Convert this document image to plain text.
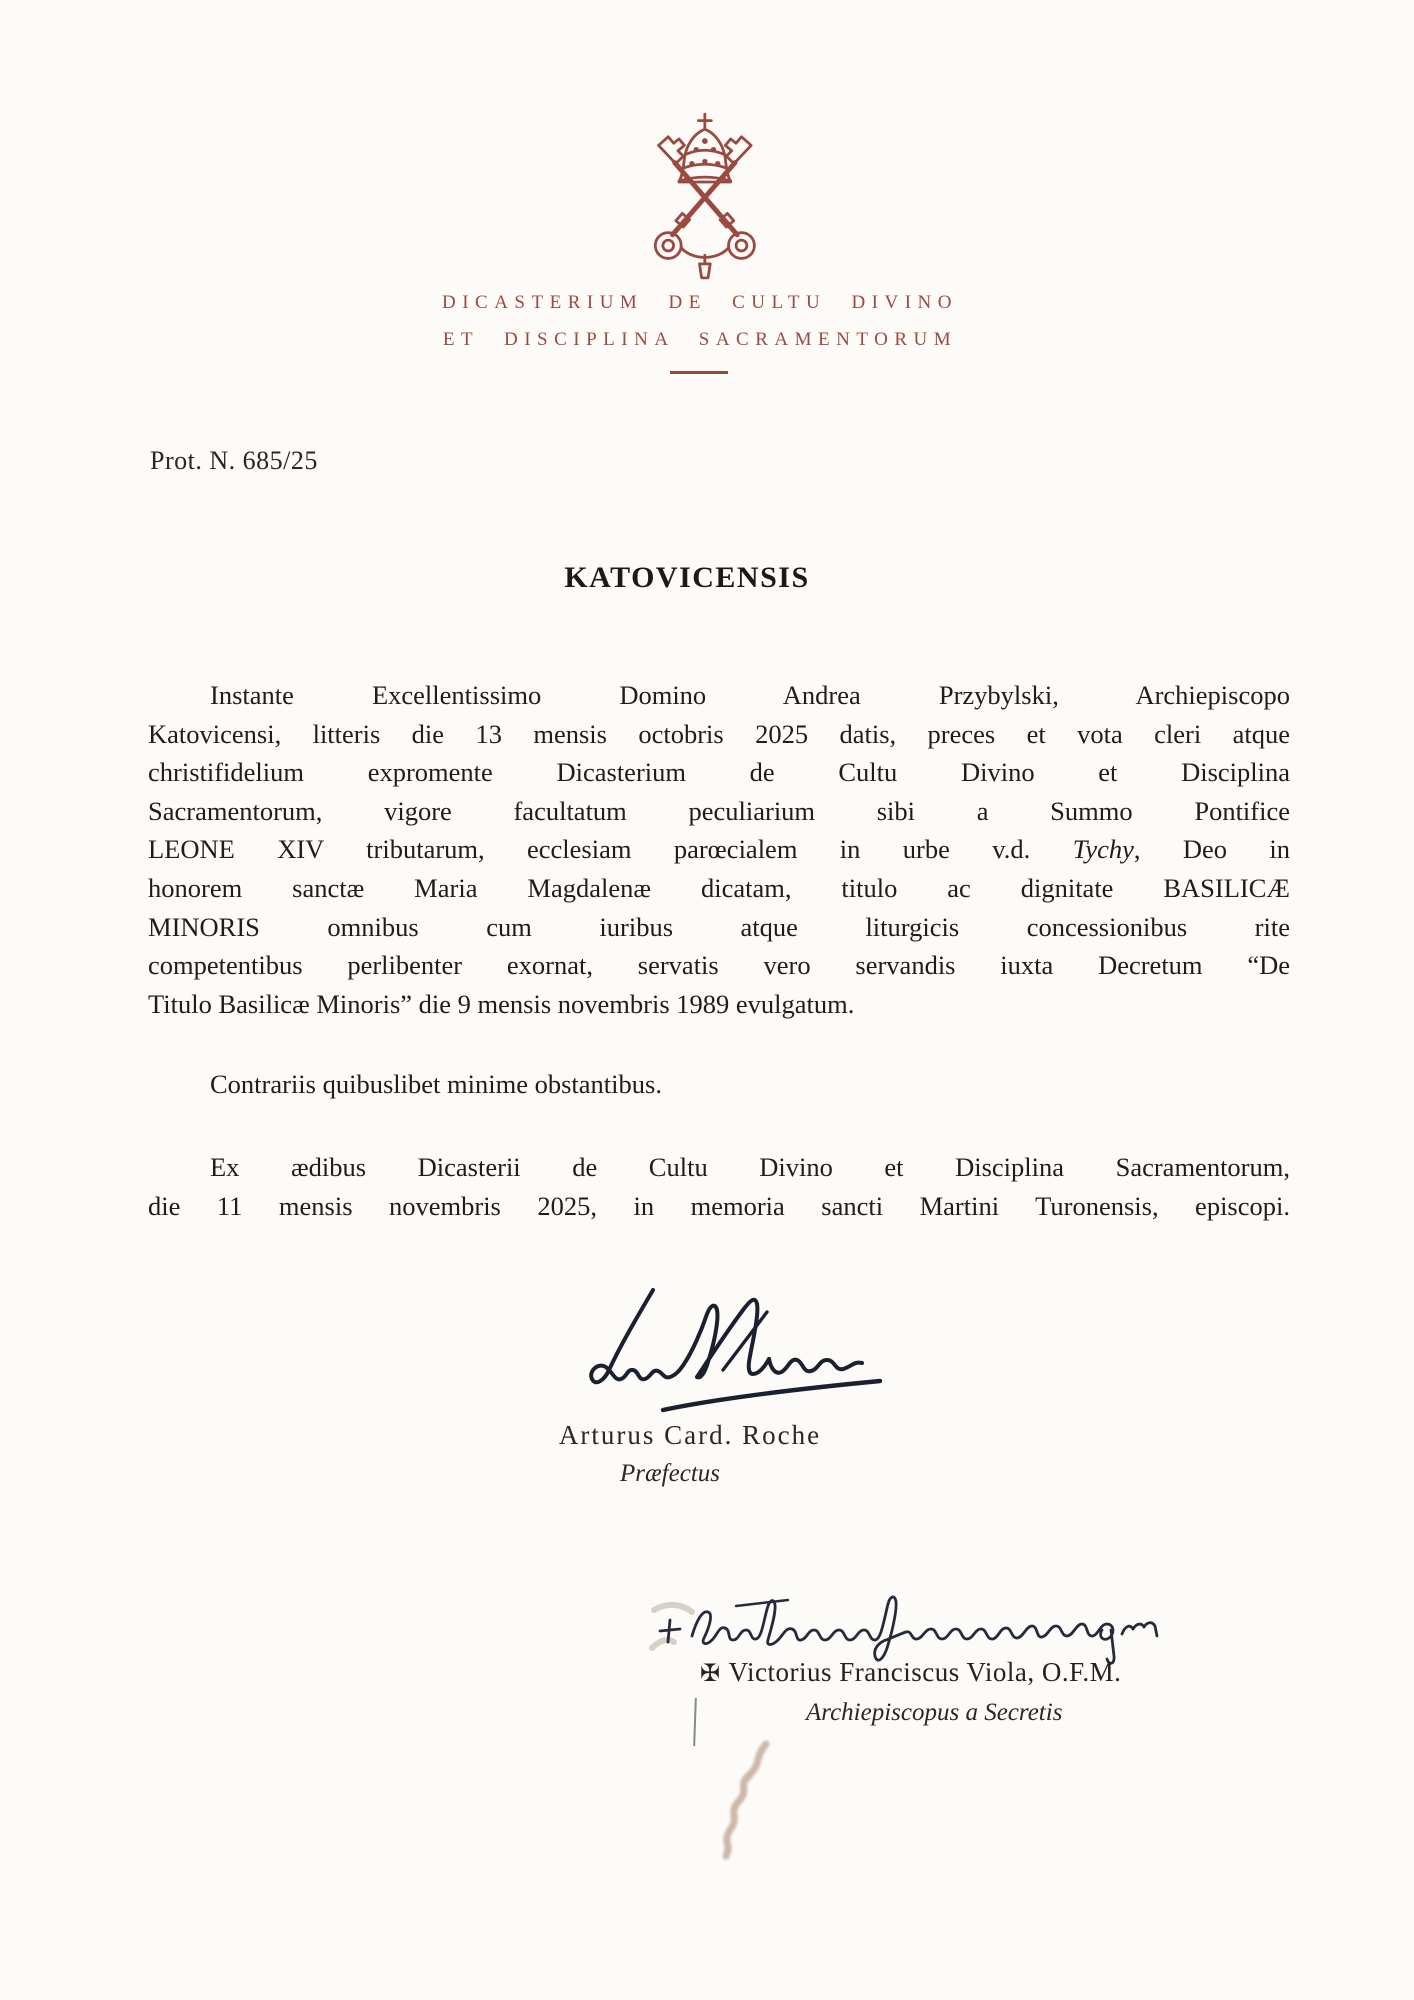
DICASTERIUM DE CULTU DIVINO
ET DISCIPLINA SACRAMENTORUM
Prot. N. 685/25
KATOVICENSIS
Instante Excellentissimo Domino Andrea Przybylski, Archiepiscopo
Katovicensi, litteris die 13 mensis octobris 2025 datis, preces et vota cleri atque
christifidelium expromente Dicasterium de Cultu Divino et Disciplina
Sacramentorum, vigore facultatum peculiarium sibi a Summo Pontifice
LEONE XIV tributarum, ecclesiam parœcialem in urbe v.d. Tychy, Deo in
honorem sanctæ Maria Magdalenæ dicatam, titulo ac dignitate BASILICÆ
MINORIS omnibus cum iuribus atque liturgicis concessionibus rite
competentibus perlibenter exornat, servatis vero servandis iuxta Decretum “De
Titulo Basilicæ Minoris” die 9 mensis novembris 1989 evulgatum.
Contrariis quibuslibet minime obstantibus.
Ex ædibus Dicasterii de Cultu Divino et Disciplina Sacramentorum,
die 11 mensis novembris 2025, in memoria sancti Martini Turonensis, episcopi.
Arturus Card. Roche
Præfectus
✠ Victorius Franciscus Viola, O.F.M.
Archiepiscopus a Secretis
